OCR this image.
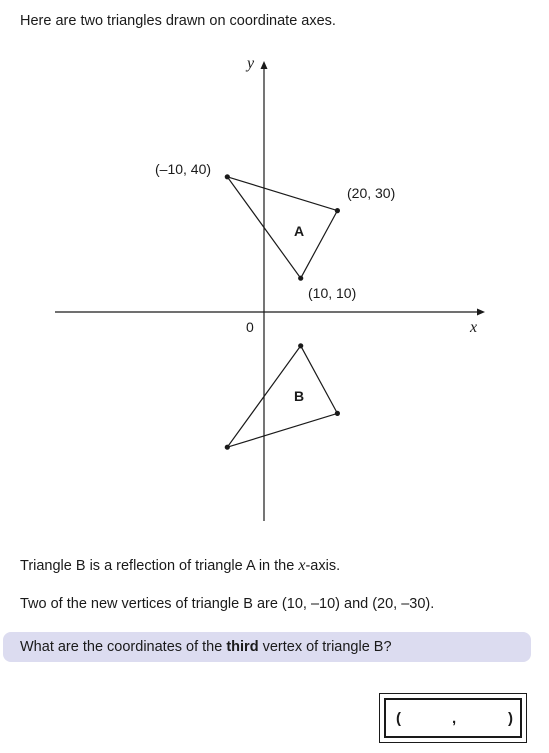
Here are two triangles drawn on coordinate axes.
y
x
0
A
(–10, 40)
(20, 30)
(10, 10)
B
Triangle B is a reflection of triangle A in the x-axis.
Two of the new vertices of triangle B are (10, –10) and (20, –30).
What are the coordinates of the third vertex of triangle B?
(	,	)
